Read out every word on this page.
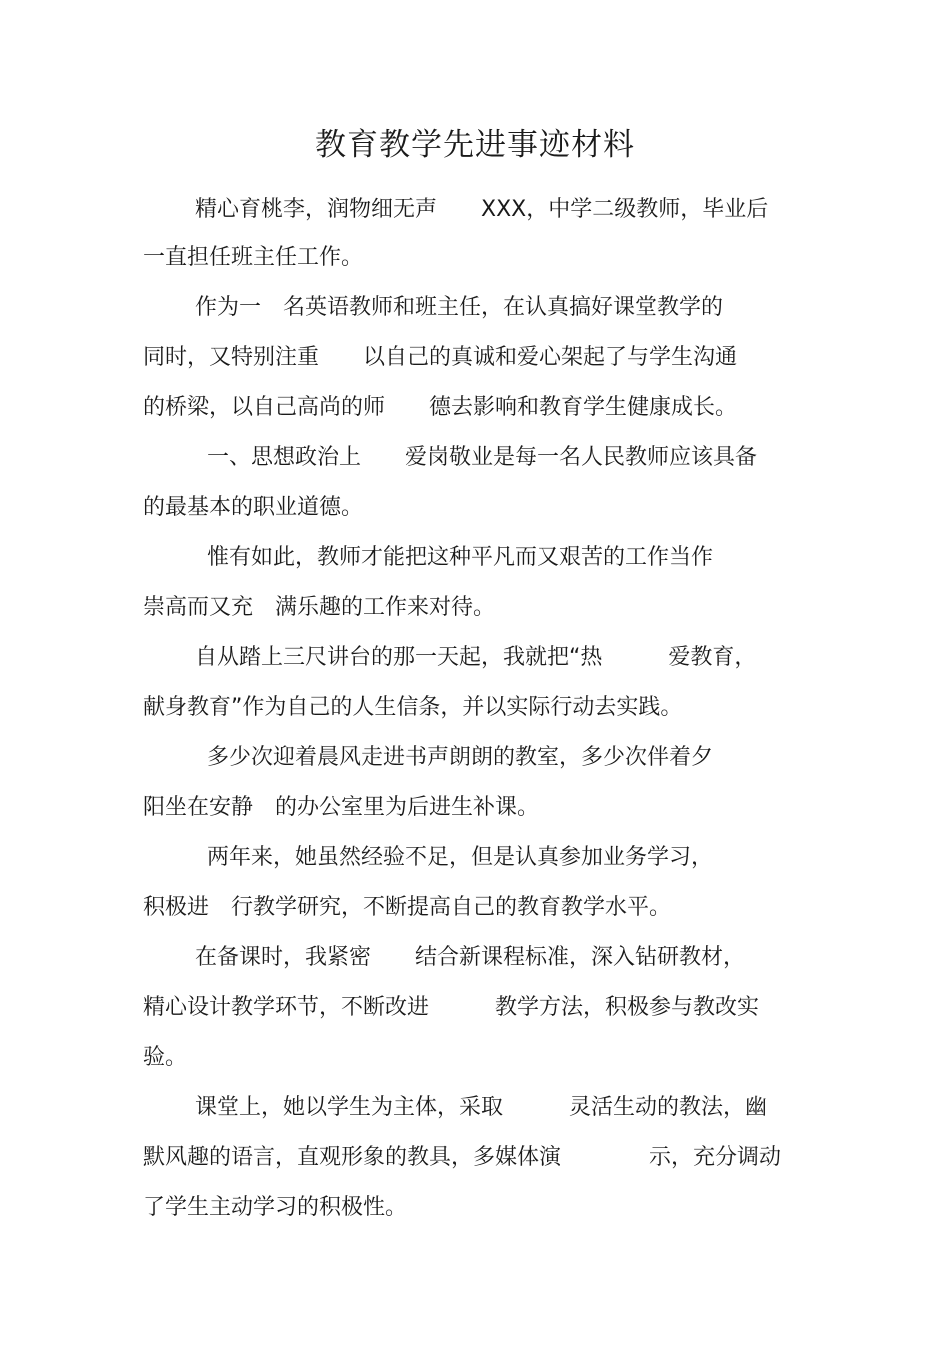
教育教学先进事迹材料

精心育桃李，润物细无声　　XXX，中学二级教师，毕业后

一直担任班主任工作。

作为一　名英语教师和班主任，在认真搞好课堂教学的

同时，又特别注重　　以自己的真诚和爱心架起了与学生沟通

的桥梁，以自己高尚的师　　德去影响和教育学生健康成长。

一、思想政治上　　爱岗敬业是每一名人民教师应该具备

的最基本的职业道德。

惟有如此，教师才能把这种平凡而又艰苦的工作当作

崇高而又充　满乐趣的工作来对待。

自从踏上三尺讲台的那一天起，我就把“热　　　爱教育，

献身教育”作为自己的人生信条，并以实际行动去实践。

多少次迎着晨风走进书声朗朗的教室，多少次伴着夕

阳坐在安静　的办公室里为后进生补课。

两年来，她虽然经验不足，但是认真参加业务学习，

积极进　行教学研究，不断提高自己的教育教学水平。

在备课时，我紧密　　结合新课程标准，深入钻研教材，

精心设计教学环节，不断改进　　　教学方法，积极参与教改实

验。

课堂上，她以学生为主体，采取　　　灵活生动的教法，幽

默风趣的语言，直观形象的教具，多媒体演　　　　示，充分调动

了学生主动学习的积极性。
